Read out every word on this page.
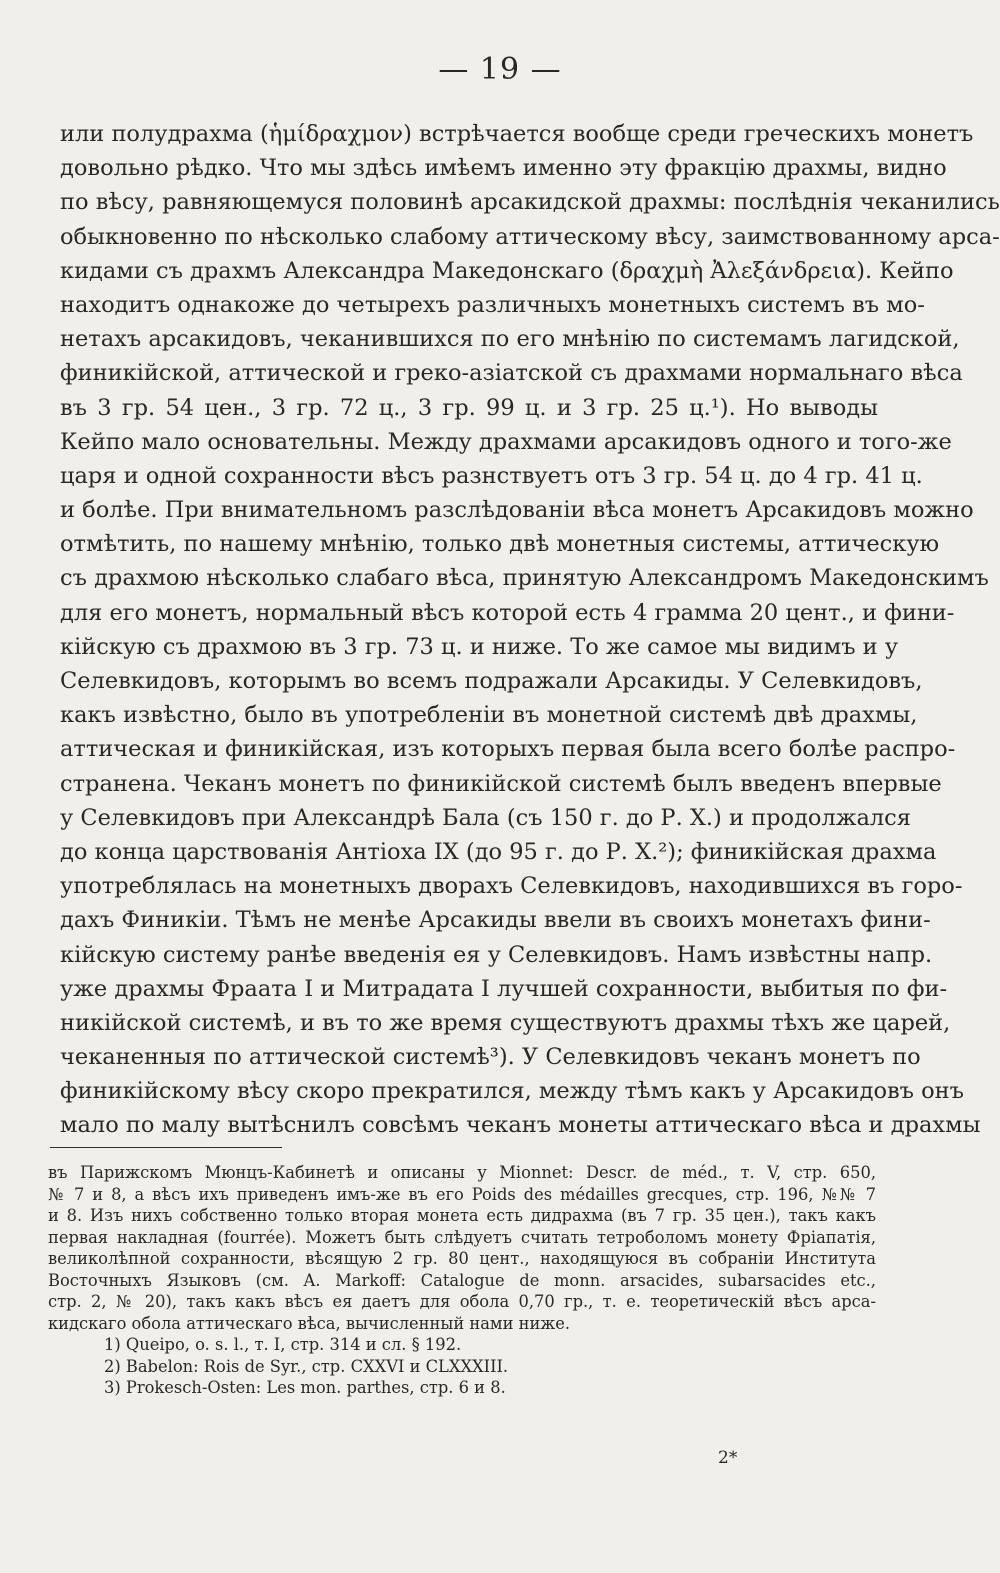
— 19 —
или полудрахма (ἡμίδραχμον) встрѣчается вообще среди греческихъ монетъ
довольно рѣдко. Что мы здѣсь имѣемъ именно эту фракцію драхмы, видно
по вѣсу, равняющемуся половинѣ арсакидской драхмы: послѣднія чеканились
обыкновенно по нѣсколько слабому аттическому вѣсу, заимствованному арса-
кидами съ драхмъ Александра Македонскаго (δραχμὴ Ἀλεξάνδρεια). Кейпо
находитъ однакоже до четырехъ различныхъ монетныхъ системъ въ мо-
нетахъ арсакидовъ, чеканившихся по его мнѣнію по системамъ лагидской,
финикійской, аттической и греко-азіатской съ драхмами нормальнаго вѣса
въ 3 гр. 54 цен., 3 гр. 72 ц., 3 гр. 99 ц. и 3 гр. 25 ц.¹). Но выводы
Кейпо мало основательны. Между драхмами арсакидовъ одного и того-же
царя и одной сохранности вѣсъ разнствуетъ отъ 3 гр. 54 ц. до 4 гр. 41 ц.
и болѣе. При внимательномъ разслѣдованіи вѣса монетъ Арсакидовъ можно
отмѣтить, по нашему мнѣнію, только двѣ монетныя системы, аттическую
съ драхмою нѣсколько слабаго вѣса, принятую Александромъ Македонскимъ
для его монетъ, нормальный вѣсъ которой есть 4 грамма 20 цент., и фини-
кійскую съ драхмою въ 3 гр. 73 ц. и ниже. То же самое мы видимъ и у
Селевкидовъ, которымъ во всемъ подражали Арсакиды. У Селевкидовъ,
какъ извѣстно, было въ употребленіи въ монетной системѣ двѣ драхмы,
аттическая и финикійская, изъ которыхъ первая была всего болѣе распро-
странена. Чеканъ монетъ по финикійской системѣ былъ введенъ впервые
у Селевкидовъ при Александрѣ Бала (съ 150 г. до Р. Х.) и продолжался
до конца царствованія Антіоха IX (до 95 г. до Р. Х.²); финикійская драхма
употреблялась на монетныхъ дворахъ Селевкидовъ, находившихся въ горо-
дахъ Финикіи. Тѣмъ не менѣе Арсакиды ввели въ своихъ монетахъ фини-
кійскую систему ранѣе введенія ея у Селевкидовъ. Намъ извѣстны напр.
уже драхмы Фраата I и Митрадата I лучшей сохранности, выбитыя по фи-
никійской системѣ, и въ то же время существуютъ драхмы тѣхъ же царей,
чеканенныя по аттической системѣ³). У Селевкидовъ чеканъ монетъ по
финикійскому вѣсу скоро прекратился, между тѣмъ какъ у Арсакидовъ онъ
мало по малу вытѣснилъ совсѣмъ чеканъ монеты аттическаго вѣса и драхмы
въ Парижскомъ Мюнцъ-Кабинетѣ и описаны у Mionnet: Descr. de méd., т. V, стр. 650,
№ 7 и 8, а вѣсъ ихъ приведенъ имъ-же въ его Poids des médailles grecques, стр. 196, №№ 7
и 8. Изъ нихъ собственно только вторая монета есть дидрахма (въ 7 гр. 35 цен.), такъ какъ
первая накладная (fourrée). Можетъ быть слѣдуетъ считать тетроболомъ монету Фріапатія,
великолѣпной сохранности, вѣсящую 2 гр. 80 цент., находящуюся въ собраніи Института
Восточныхъ Языковъ (см. A. Markoff: Catalogue de monn. arsacides, subarsacides etc.,
стр. 2, № 20), такъ какъ вѣсъ ея даетъ для обола 0,70 гр., т. е. теоретическій вѣсъ арса-
кидскаго обола аттическаго вѣса, вычисленный нами ниже.
1) Queipo, o. s. l., т. I, стр. 314 и сл. § 192.
2) Babelon: Rois de Syr., стр. CXXVI и CLXXXIII.
3) Prokesch-Osten: Les mon. parthes, стр. 6 и 8.
2*
